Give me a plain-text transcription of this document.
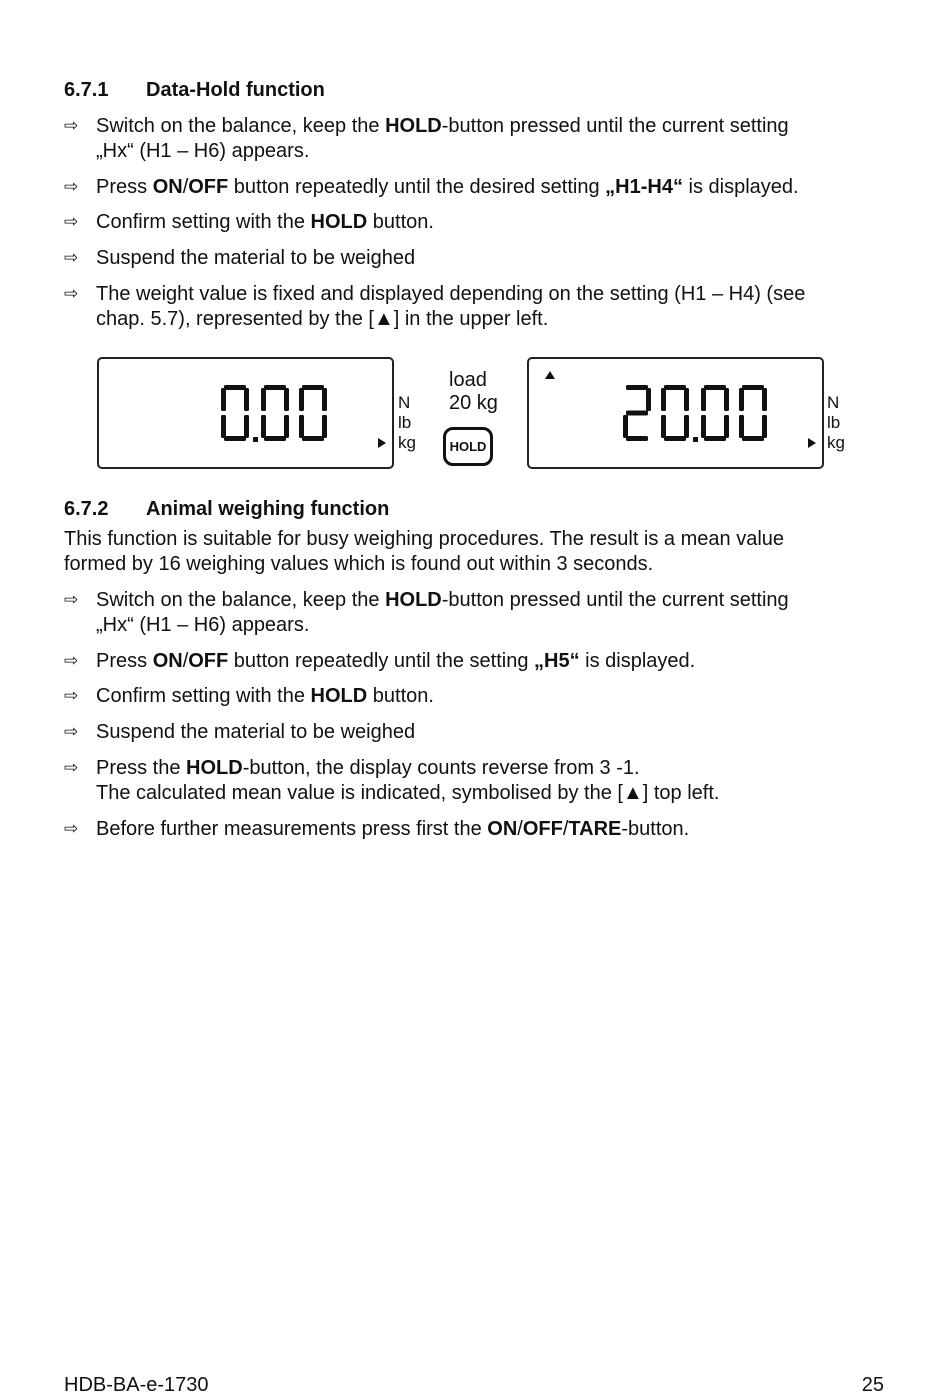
6.7.1 Data-Hold function
⇨ Switch on the balance, keep the HOLD-button pressed until the current setting
„Hx“ (H1 – H6) appears.
⇨ Press ON/OFF button repeatedly until the desired setting „H1-H4“ is displayed.
⇨ Confirm setting with the HOLD button.
⇨ Suspend the material to be weighed
⇨ The weight value is fixed and displayed depending on the setting (H1 – H4) (see
chap. 5.7), represented by the [▲] in the upper left.
N
lb
kg
load
20 kg
HOLD
N
lb
kg
6.7.2 Animal weighing function
This function is suitable for busy weighing procedures. The result is a mean value
formed by 16 weighing values which is found out within 3 seconds.
⇨ Switch on the balance, keep the HOLD-button pressed until the current setting
„Hx“ (H1 – H6) appears.
⇨ Press ON/OFF button repeatedly until the setting „H5“ is displayed.
⇨ Confirm setting with the HOLD button.
⇨ Suspend the material to be weighed
⇨ Press the HOLD-button, the display counts reverse from 3 -1.
The calculated mean value is indicated, symbolised by the [▲] top left.
⇨ Before further measurements press first the ON/OFF/TARE-button.
HDB-BA-e-1730	25
